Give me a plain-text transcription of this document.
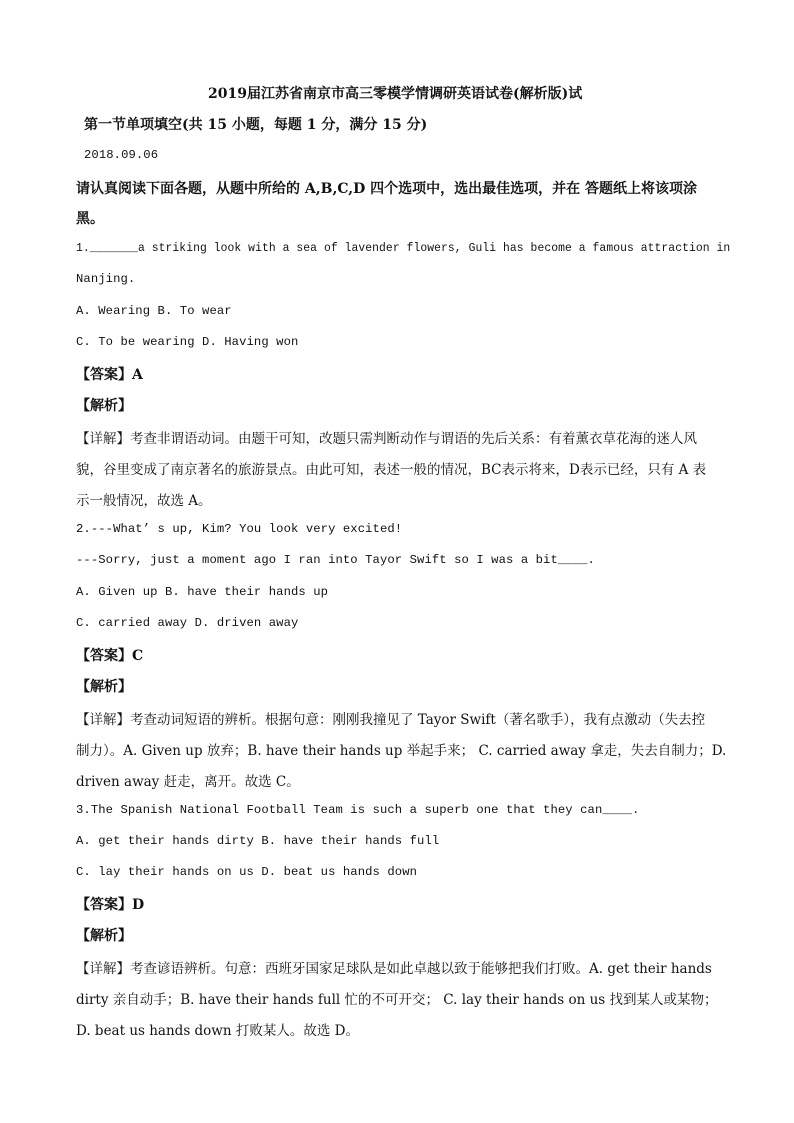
2019届江苏省南京市高三零模学情调研英语试卷(解析版)试
第一节单项填空(共 15 小题，每题 1 分，满分 15 分)
2018.09.06
请认真阅读下面各题，从题中所给的 A,B,C,D 四个选项中，选出最佳选项，并在 答题纸上将该项涂
黑。
1._______a striking look with a sea of lavender flowers, Guli has become a famous attraction in
Nanjing.
A. Wearing B. To wear
C. To be wearing D. Having won
【答案】A
【解析】
【详解】考查非谓语动词。由题干可知，改题只需判断动作与谓语的先后关系：有着薰衣草花海的迷人风
貌，谷里变成了南京著名的旅游景点。由此可知，表述一般的情况，BC表示将来，D表示已经，只有 A 表
示一般情况，故选 A。
2.---What’ s up, Kim? You look very excited!
---Sorry, just a moment ago I ran into Tayor Swift so I was a bit____.
A. Given up B. have their hands up
C. carried away D. driven away
【答案】C
【解析】
【详解】考查动词短语的辨析。根据句意：刚刚我撞见了 Tayor Swift（著名歌手），我有点激动（失去控
制力）。A. Given up 放弃；B. have their hands up 举起手来； C. carried away 拿走，失去自制力；D.
driven away 赶走，离开。故选 C。
3.The Spanish National Football Team is such a superb one that they can____.
A. get their hands dirty B. have their hands full
C. lay their hands on us D. beat us hands down
【答案】D
【解析】
【详解】考查谚语辨析。句意：西班牙国家足球队是如此卓越以致于能够把我们打败。A. get their hands
dirty 亲自动手；B. have their hands full 忙的不可开交； C. lay their hands on us 找到某人或某物；
D. beat us hands down 打败某人。故选 D。
